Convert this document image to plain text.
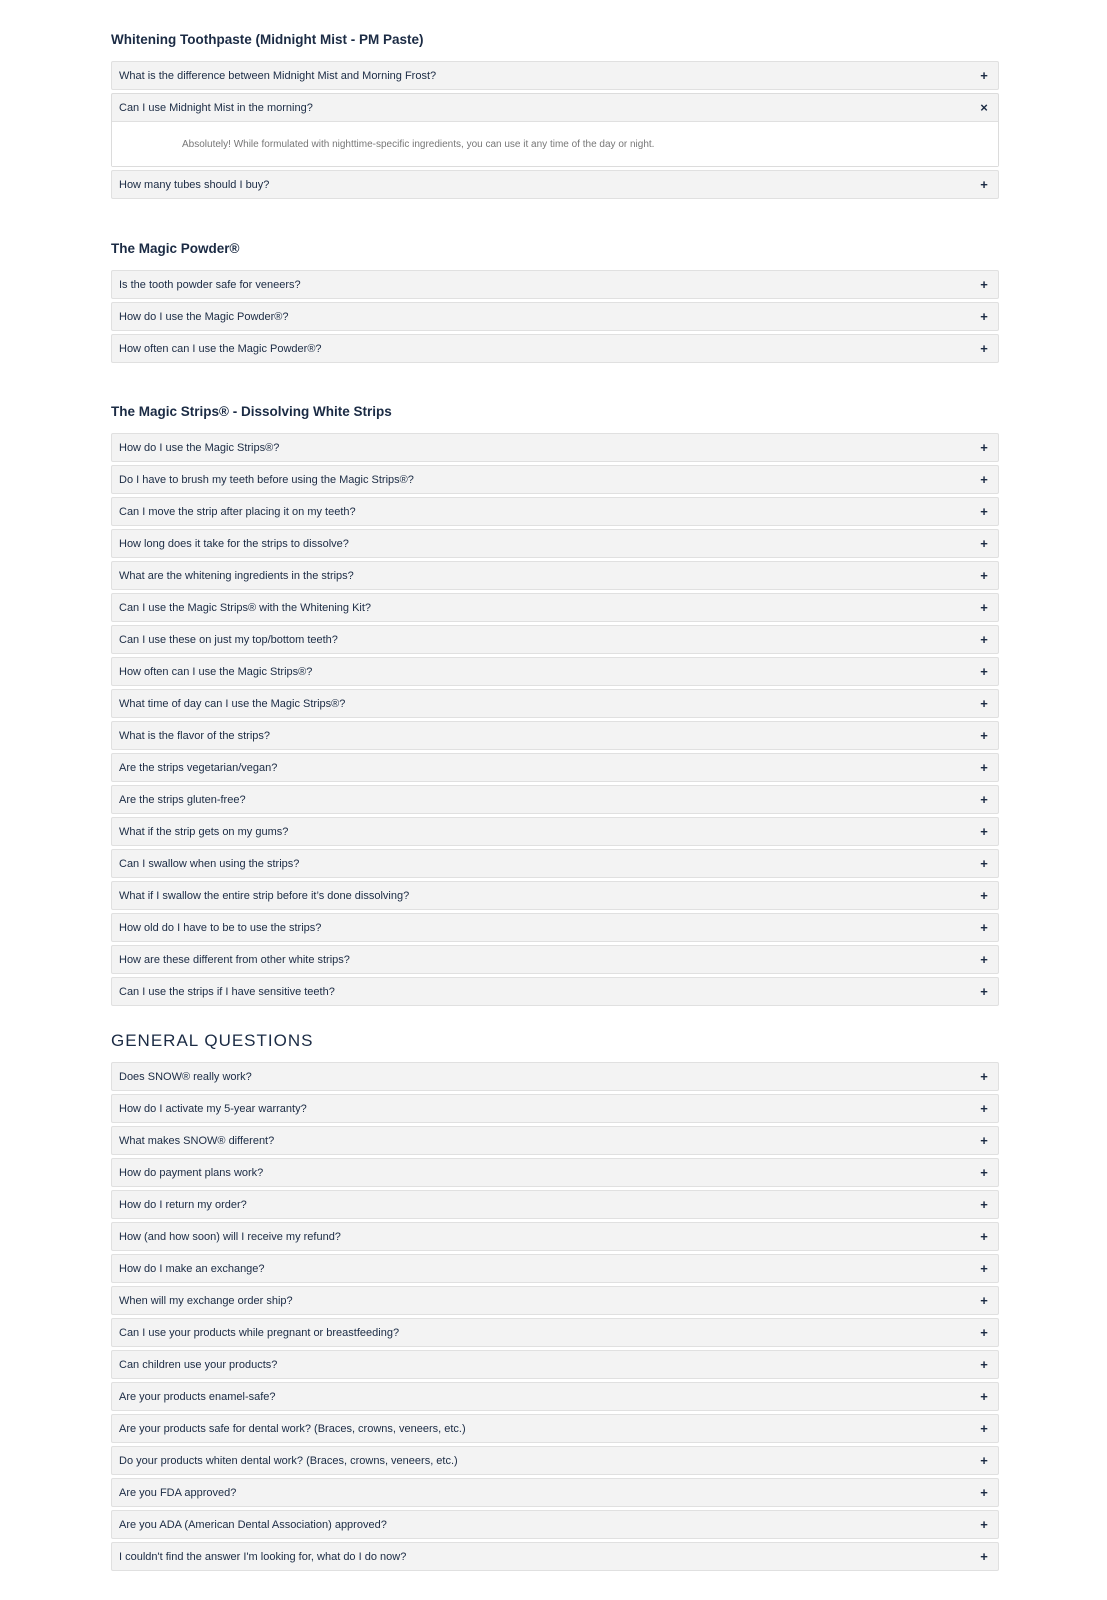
Whitening Toothpaste (Midnight Mist - PM Paste)
What is the difference between Midnight Mist and Morning Frost?	+
Can I use Midnight Mist in the morning?	×
Absolutely! While formulated with nighttime-specific ingredients, you can use it any time of the day or night.
How many tubes should I buy?	+
The Magic Powder®
Is the tooth powder safe for veneers?	+
How do I use the Magic Powder®?	+
How often can I use the Magic Powder®?	+
The Magic Strips® - Dissolving White Strips
How do I use the Magic Strips®?	+
Do I have to brush my teeth before using the Magic Strips®?	+
Can I move the strip after placing it on my teeth?	+
How long does it take for the strips to dissolve?	+
What are the whitening ingredients in the strips?	+
Can I use the Magic Strips® with the Whitening Kit?	+
Can I use these on just my top/bottom teeth?	+
How often can I use the Magic Strips®?	+
What time of day can I use the Magic Strips®?	+
What is the flavor of the strips?	+
Are the strips vegetarian/vegan?	+
Are the strips gluten-free?	+
What if the strip gets on my gums?	+
Can I swallow when using the strips?	+
What if I swallow the entire strip before it’s done dissolving?	+
How old do I have to be to use the strips?	+
How are these different from other white strips?	+
Can I use the strips if I have sensitive teeth?	+
GENERAL QUESTIONS
Does SNOW® really work?	+
How do I activate my 5-year warranty?	+
What makes SNOW® different?	+
How do payment plans work?	+
How do I return my order?	+
How (and how soon) will I receive my refund?	+
How do I make an exchange?	+
When will my exchange order ship?	+
Can I use your products while pregnant or breastfeeding?	+
Can children use your products?	+
Are your products enamel-safe?	+
Are your products safe for dental work? (Braces, crowns, veneers, etc.)	+
Do your products whiten dental work? (Braces, crowns, veneers, etc.)	+
Are you FDA approved?	+
Are you ADA (American Dental Association) approved?	+
I couldn't find the answer I'm looking for, what do I do now?	+
